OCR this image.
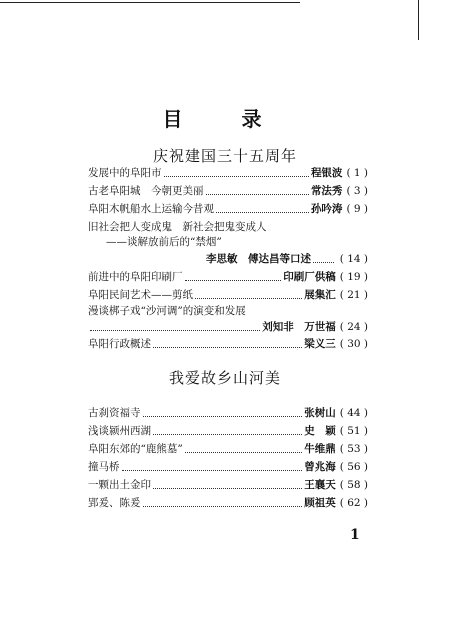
目 录
庆祝建国三十五周年
发展中的阜阳市	程银波 ( 1 )
古老阜阳城　今朝更美丽	常法秀 ( 3 )
阜阳木帆船水上运输今昔观	孙吟涛 ( 9 )
旧社会把人变成鬼　新社会把鬼变成人
——谈解放前后的“禁烟”
李思敏　傅达昌等口述	( 14 )
前进中的阜阳印刷厂	印刷厂供稿 ( 19 )
阜阳民间艺术——剪纸	展集汇 ( 21 )
漫谈梆子戏“沙河调”的演变和发展
刘知非　万世福 ( 24 )
阜阳行政概述	梁义三 ( 30 )
我爱故乡山河美
古刹资福寺	张树山 ( 44 )
浅谈颍州西湖	史　颖 ( 51 )
阜阳东郊的“鹿熊墓”	牛维鼎 ( 53 )
撞马桥	曾兆海 ( 56 )
一颗出土金印	王襄天 ( 58 )
郢爰、陈爰	顾祖英 ( 62 )
1
